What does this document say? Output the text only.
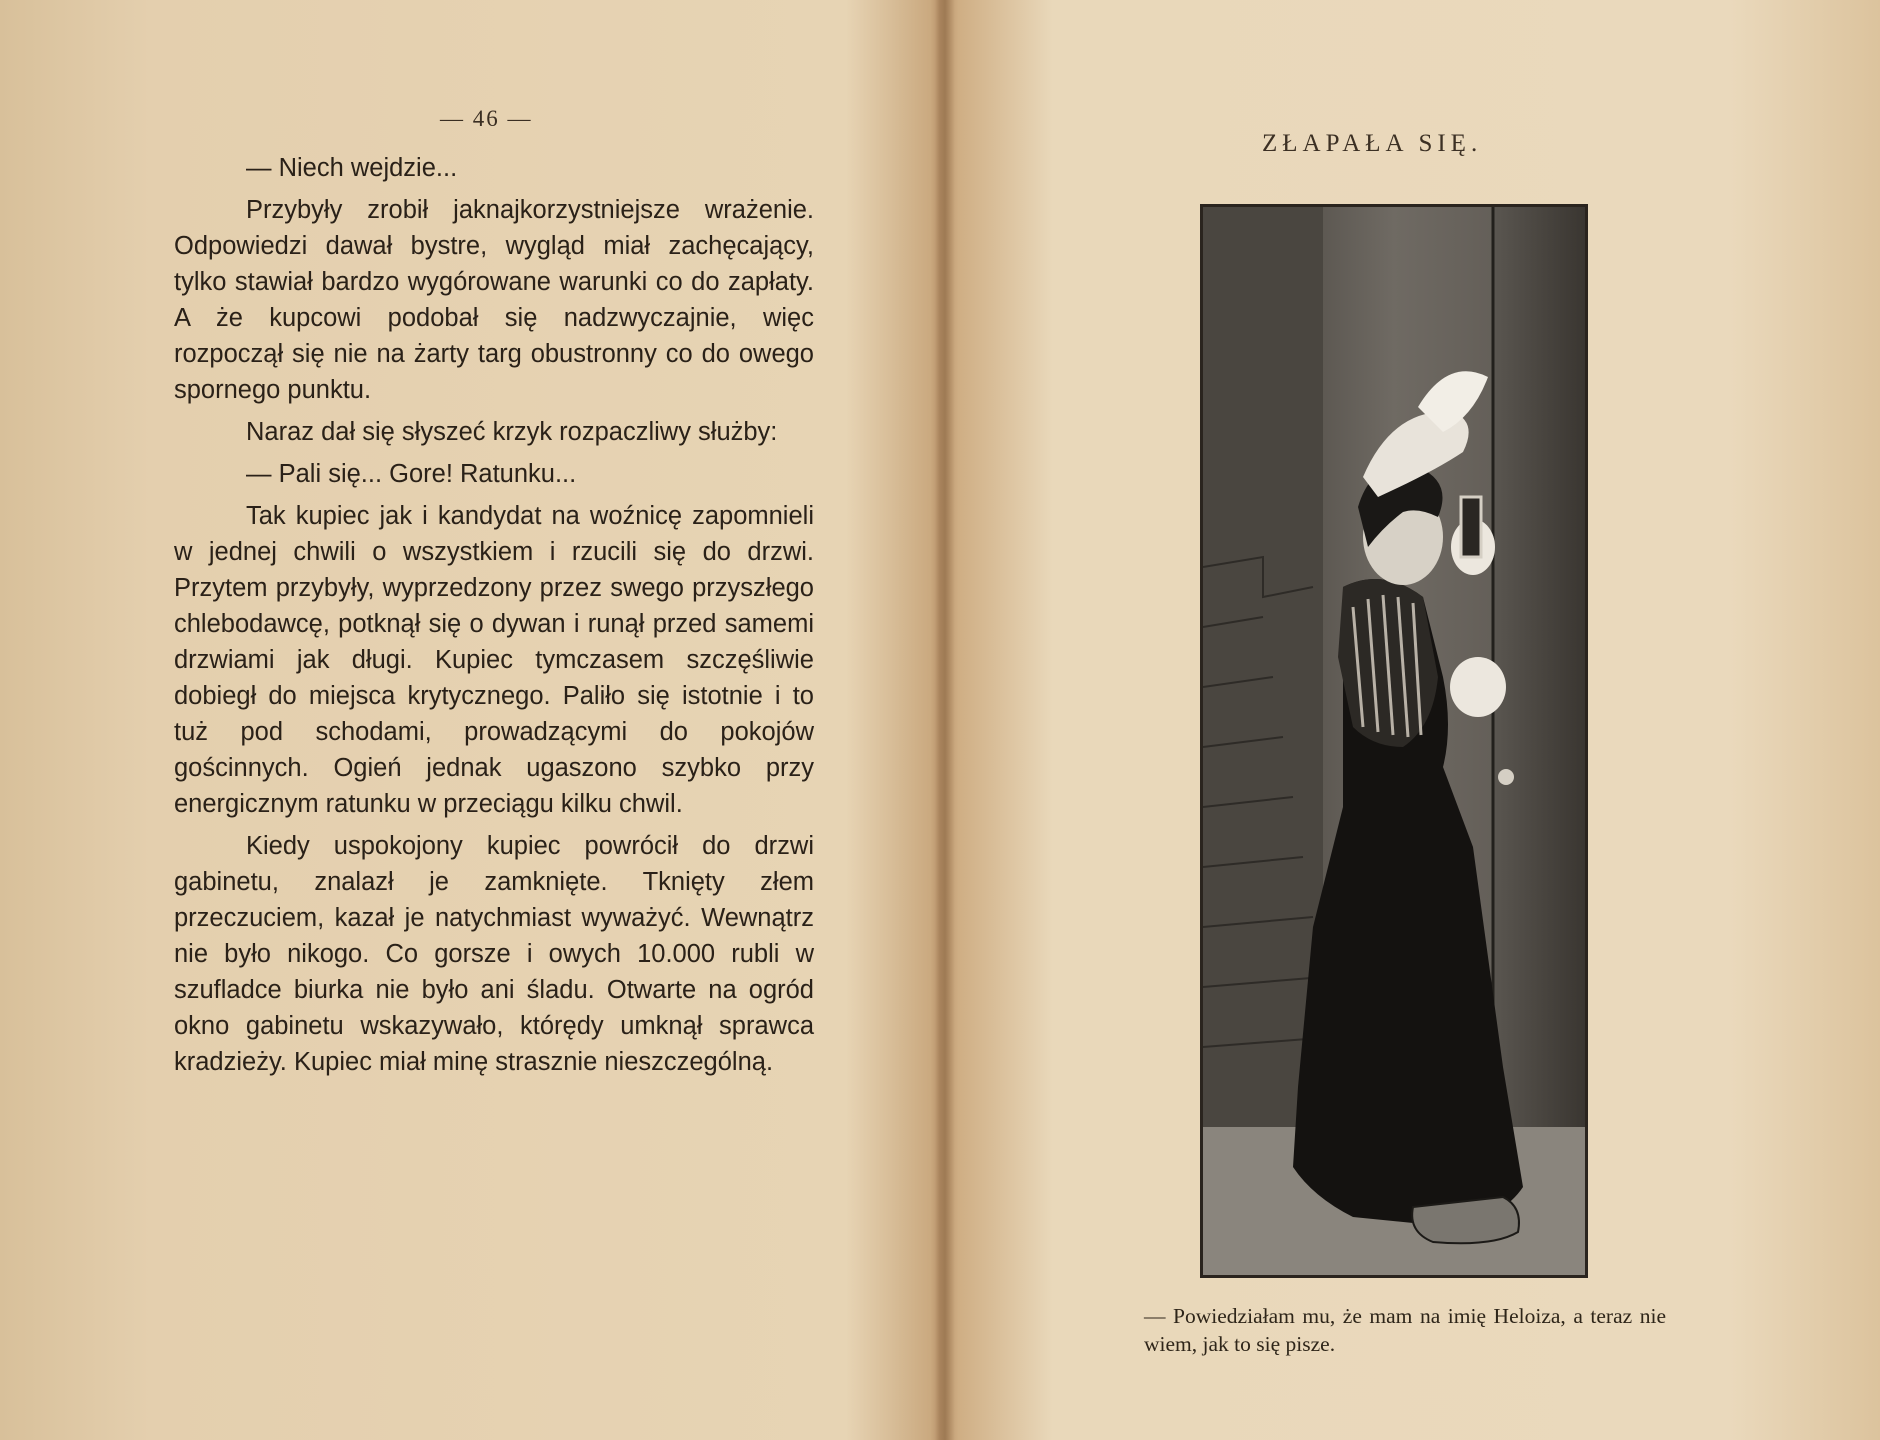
— 46 —

— Niech wejdzie...

Przybyły zrobił jaknajkorzystniejsze wrażenie. Odpowiedzi dawał bystre, wygląd miał zachęcający, tylko stawiał bardzo wygórowane warunki co do zapłaty. A że kupcowi podobał się nadzwyczajnie, więc rozpoczął się nie na żarty targ obustronny co do owego spornego punktu.

Naraz dał się słyszeć krzyk rozpaczliwy służby:

— Pali się... Gore! Ratunku...

Tak kupiec jak i kandydat na woźnicę zapomnieli w jednej chwili o wszystkiem i rzucili się do drzwi. Przytem przybyły, wyprzedzony przez swego przyszłego chlebodawcę, potknął się o dywan i runął przed samemi drzwiami jak długi. Kupiec tymczasem szczęśliwie dobiegł do miejsca krytycznego. Paliło się istotnie i to tuż pod schodami, prowadzącymi do pokojów gościnnych. Ogień jednak ugaszono szybko przy energicznym ratunku w przeciągu kilku chwil.

Kiedy uspokojony kupiec powrócił do drzwi gabinetu, znalazł je zamknięte. Tknięty złem przeczuciem, kazał je natychmiast wyważyć. Wewnątrz nie było nikogo. Co gorsze i owych 10.000 rubli w szufladce biurka nie było ani śladu. Otwarte na ogród okno gabinetu wskazywało, którędy umknął sprawca kradzieży. Kupiec miał minę strasznie nieszczególną.

ZŁAPAŁA SIĘ.
— Powiedziałam mu, że mam na imię Heloiza, a teraz nie wiem, jak to się pisze.
